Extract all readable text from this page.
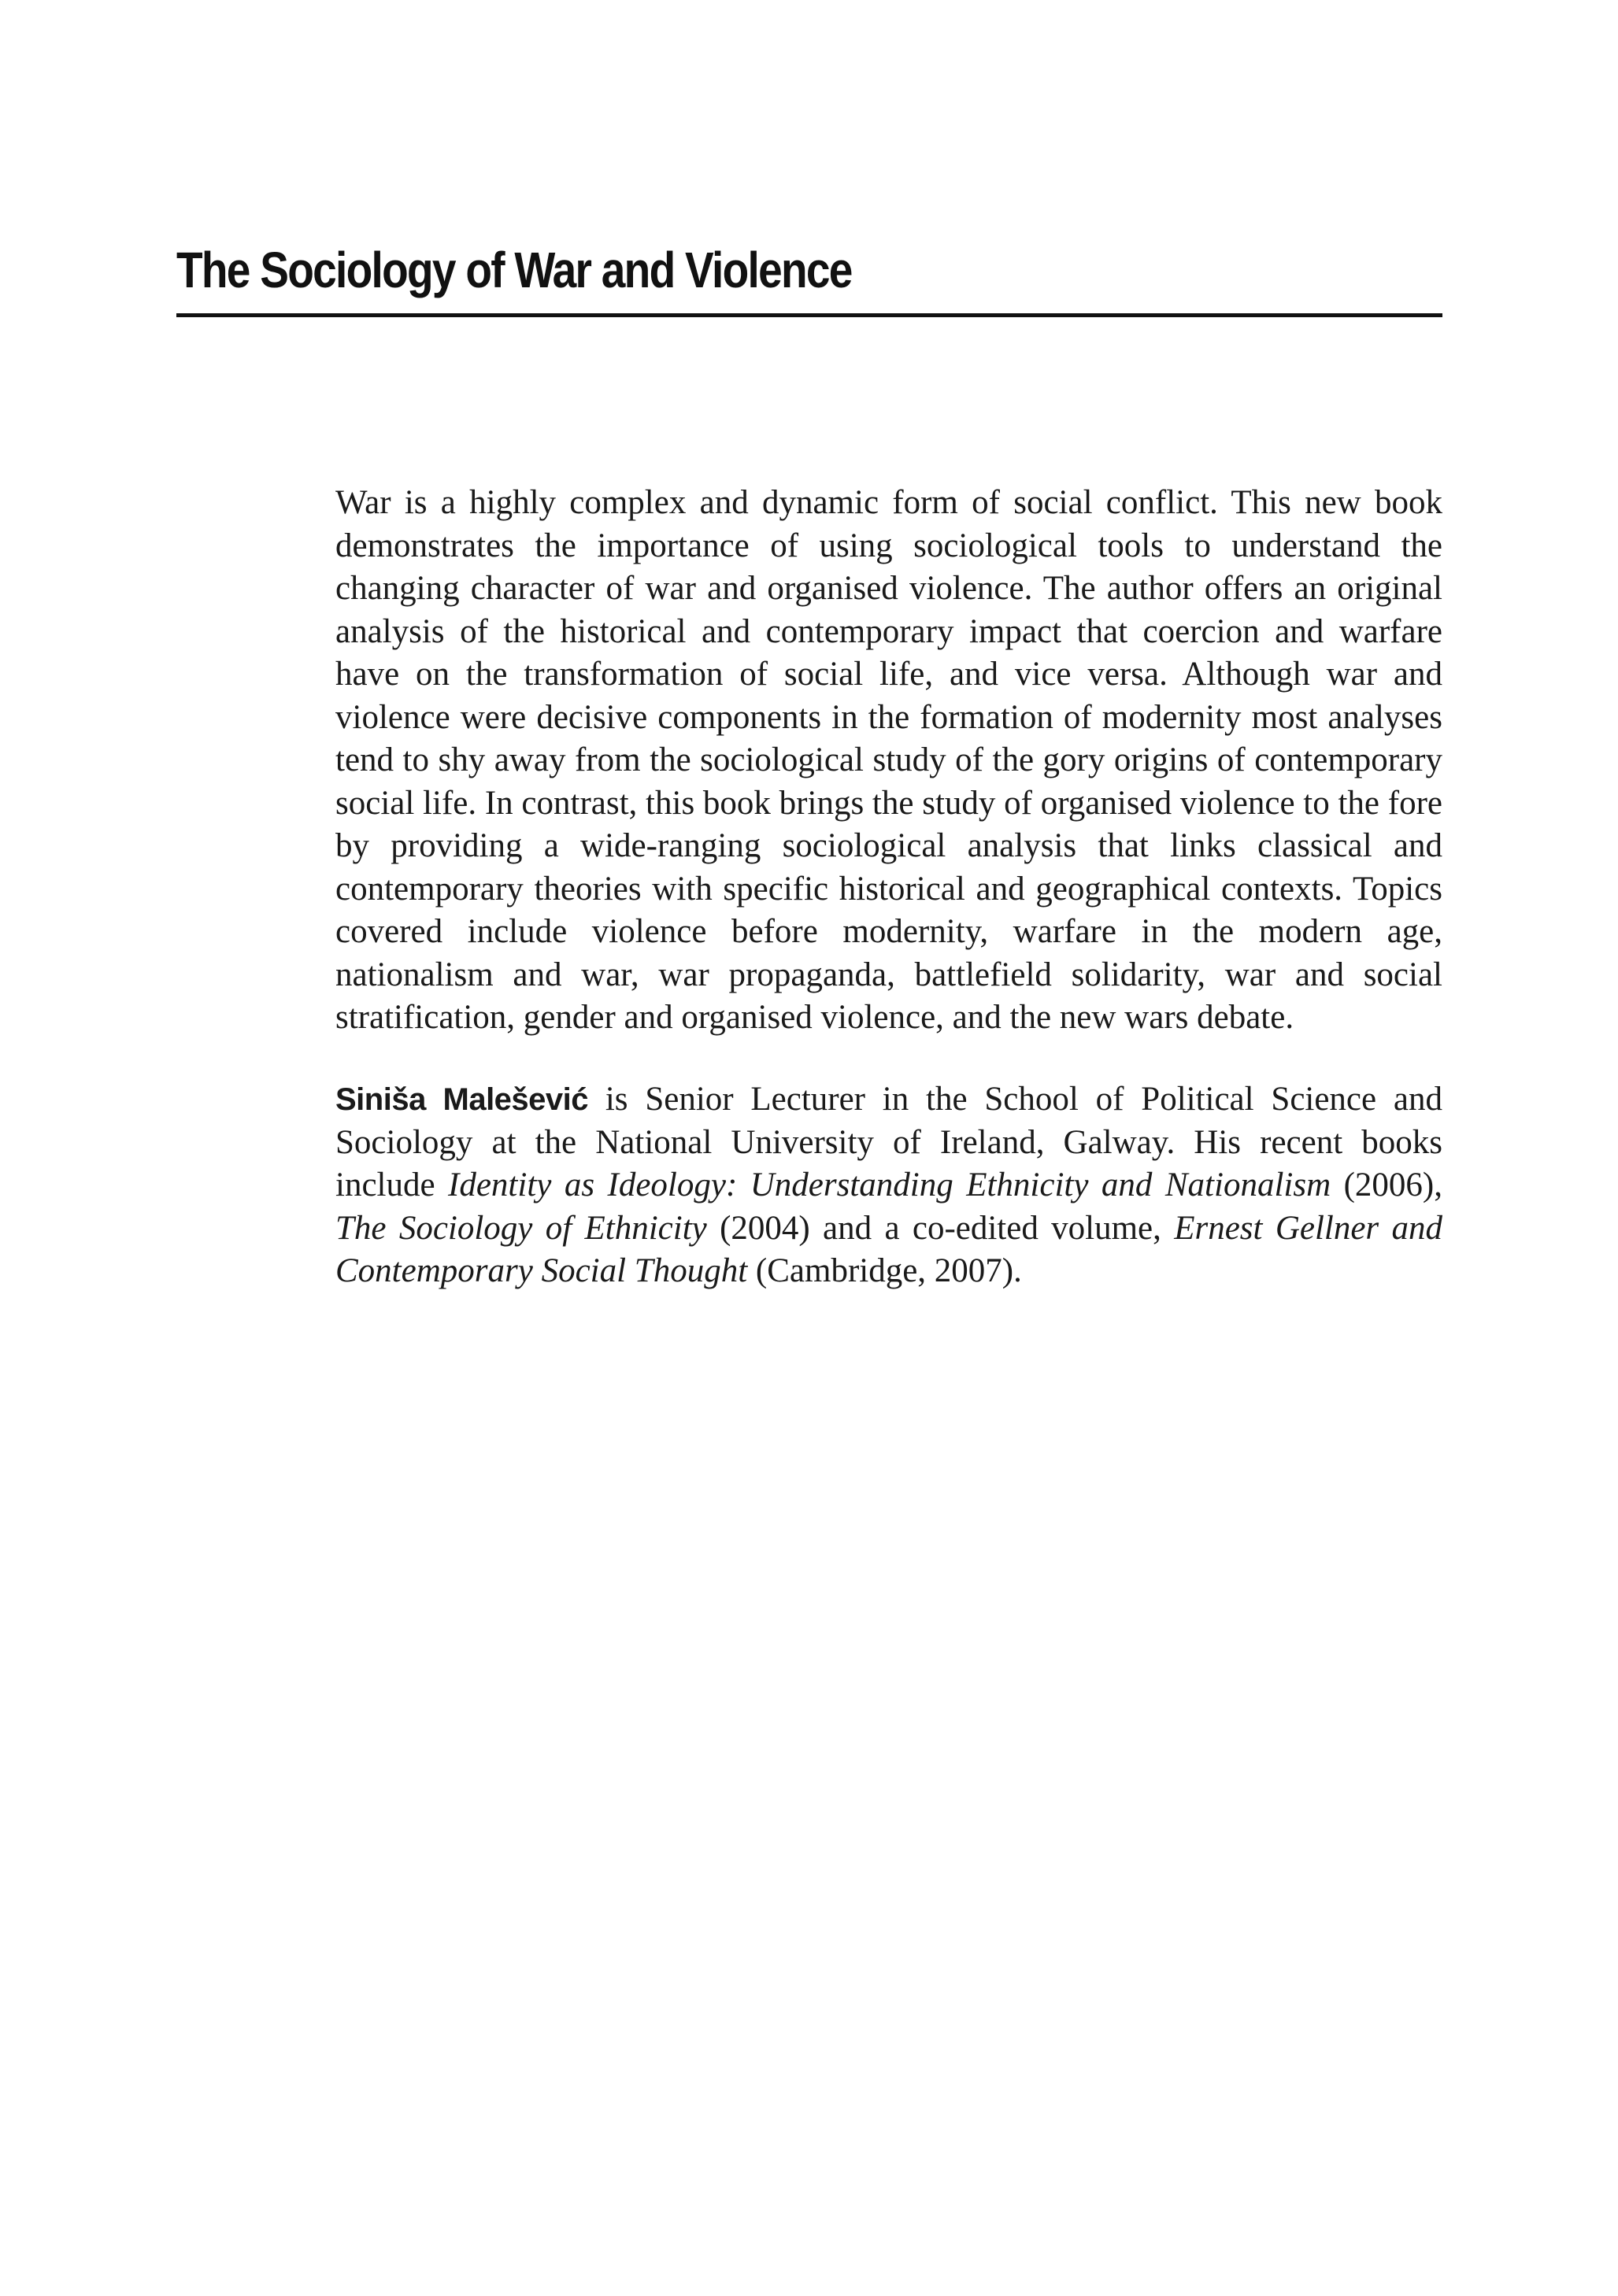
The Sociology of War and Violence

War is a highly complex and dynamic form of social conflict. This new book demonstrates the importance of using sociological tools to understand the changing character of war and organised violence. The author offers an original analysis of the historical and contemporary impact that coercion and warfare have on the transformation of social life, and vice versa. Although war and violence were decisive components in the formation of modernity most analyses tend to shy away from the sociological study of the gory origins of contemporary social life. In contrast, this book brings the study of organised violence to the fore by providing a wide-ranging sociological analysis that links classical and contemporary theories with specific historical and geographical contexts. Topics covered include violence before modernity, warfare in the modern age, nationalism and war, war propaganda, battlefield solidarity, war and social stratification, gender and organised violence, and the new wars debate.

Siniša Malešević is Senior Lecturer in the School of Political Science and Sociology at the National University of Ireland, Galway. His recent books include Identity as Ideology: Understanding Ethnicity and Nationalism (2006), The Sociology of Ethnicity (2004) and a co-edited volume, Ernest Gellner and Contemporary Social Thought (Cambridge, 2007).
